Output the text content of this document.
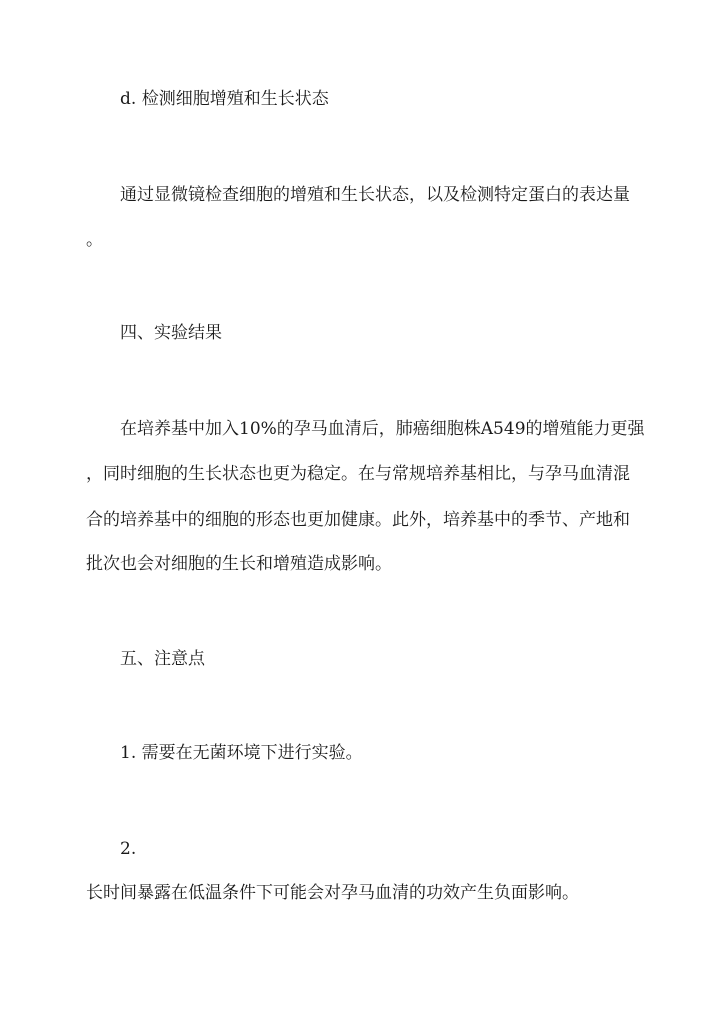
d. 检测细胞增殖和生长状态
通过显微镜检查细胞的增殖和生长状态，以及检测特定蛋白的表达量
。
四、实验结果
在培养基中加入10%的孕马血清后，肺癌细胞株A549的增殖能力更强
，同时细胞的生长状态也更为稳定。在与常规培养基相比，与孕马血清混
合的培养基中的细胞的形态也更加健康。此外，培养基中的季节、产地和
批次也会对细胞的生长和增殖造成影响。
五、注意点
1. 需要在无菌环境下进行实验。
2.
长时间暴露在低温条件下可能会对孕马血清的功效产生负面影响。
